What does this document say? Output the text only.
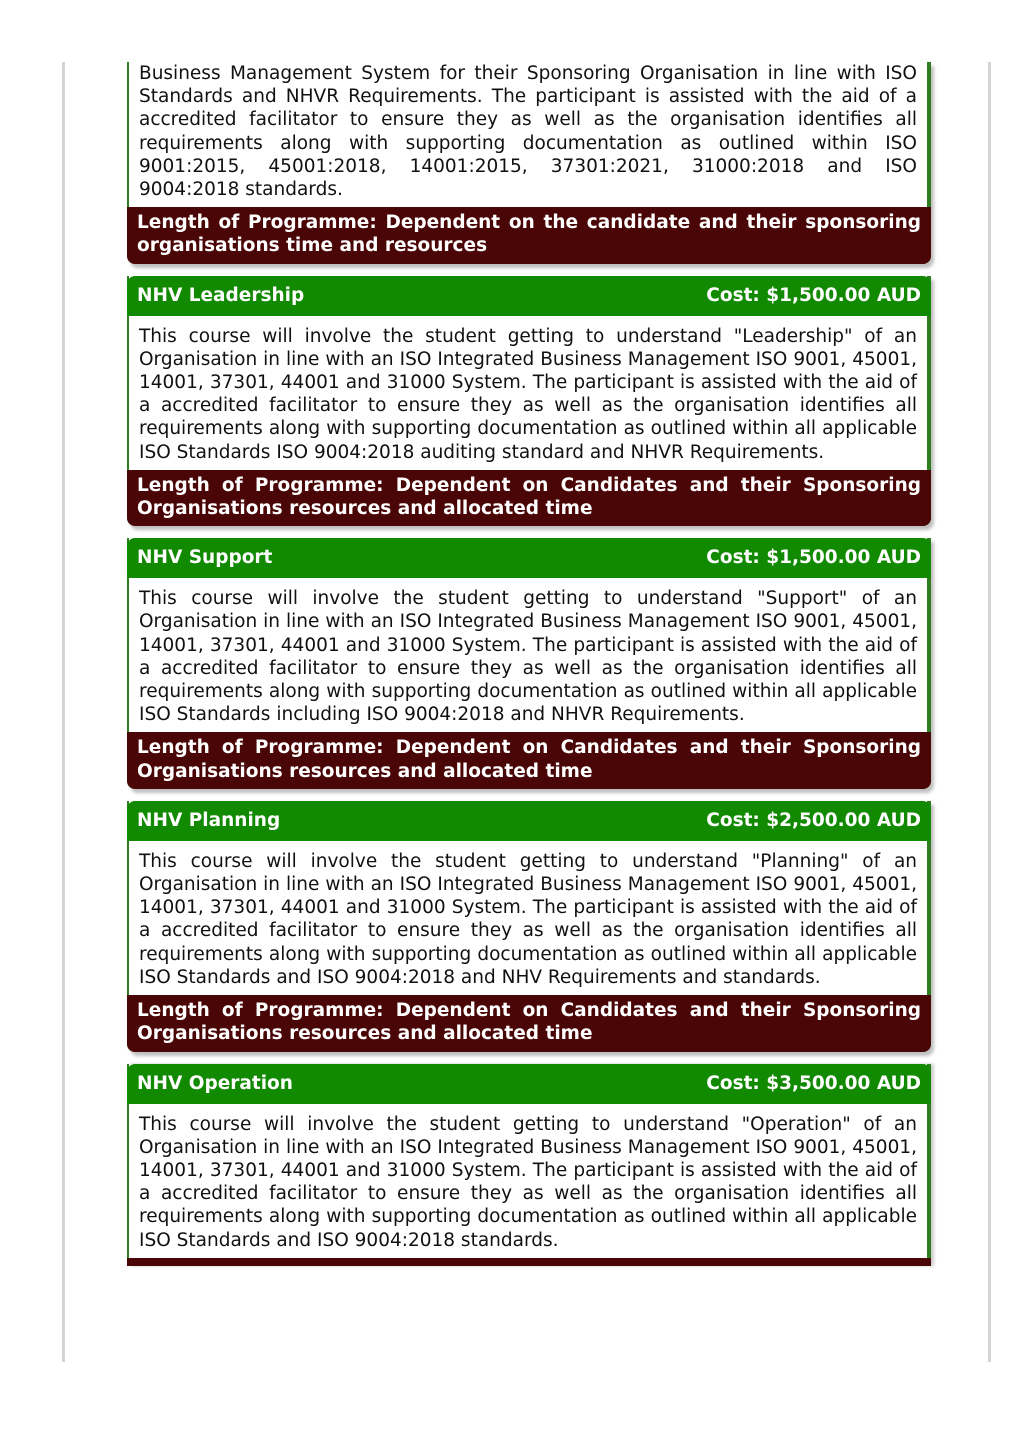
Business Management System for their Sponsoring Organisation in line with ISO Standards and NHVR Requirements. The participant is assisted with the aid of a accredited facilitator to ensure they as well as the organisation identifies all requirements along with supporting documentation as outlined within ISO 9001:2015, 45001:2018, 14001:2015, 37301:2021, 31000:2018 and ISO 9004:2018 standards.
Length of Programme: Dependent on the candidate and their sponsoring organisations time and resources
NHV Leadership	Cost: $1,500.00 AUD
This course will involve the student getting to understand "Leadership" of an Organisation in line with an ISO Integrated Business Management ISO 9001, 45001, 14001, 37301, 44001 and 31000 System. The participant is assisted with the aid of a accredited facilitator to ensure they as well as the organisation identifies all requirements along with supporting documentation as outlined within all applicable ISO Standards ISO 9004:2018 auditing standard and NHVR Requirements.
Length of Programme: Dependent on Candidates and their Sponsoring Organisations resources and allocated time
NHV Support	Cost: $1,500.00 AUD
This course will involve the student getting to understand "Support" of an Organisation in line with an ISO Integrated Business Management ISO 9001, 45001, 14001, 37301, 44001 and 31000 System. The participant is assisted with the aid of a accredited facilitator to ensure they as well as the organisation identifies all requirements along with supporting documentation as outlined within all applicable ISO Standards including ISO 9004:2018 and NHVR Requirements.
Length of Programme: Dependent on Candidates and their Sponsoring Organisations resources and allocated time
NHV Planning	Cost: $2,500.00 AUD
This course will involve the student getting to understand "Planning" of an Organisation in line with an ISO Integrated Business Management ISO 9001, 45001, 14001, 37301, 44001 and 31000 System. The participant is assisted with the aid of a accredited facilitator to ensure they as well as the organisation identifies all requirements along with supporting documentation as outlined within all applicable ISO Standards and ISO 9004:2018 and NHV Requirements and standards.
Length of Programme: Dependent on Candidates and their Sponsoring Organisations resources and allocated time
NHV Operation	Cost: $3,500.00 AUD
This course will involve the student getting to understand "Operation" of an Organisation in line with an ISO Integrated Business Management ISO 9001, 45001, 14001, 37301, 44001 and 31000 System. The participant is assisted with the aid of a accredited facilitator to ensure they as well as the organisation identifies all requirements along with supporting documentation as outlined within all applicable ISO Standards and ISO 9004:2018 standards.
